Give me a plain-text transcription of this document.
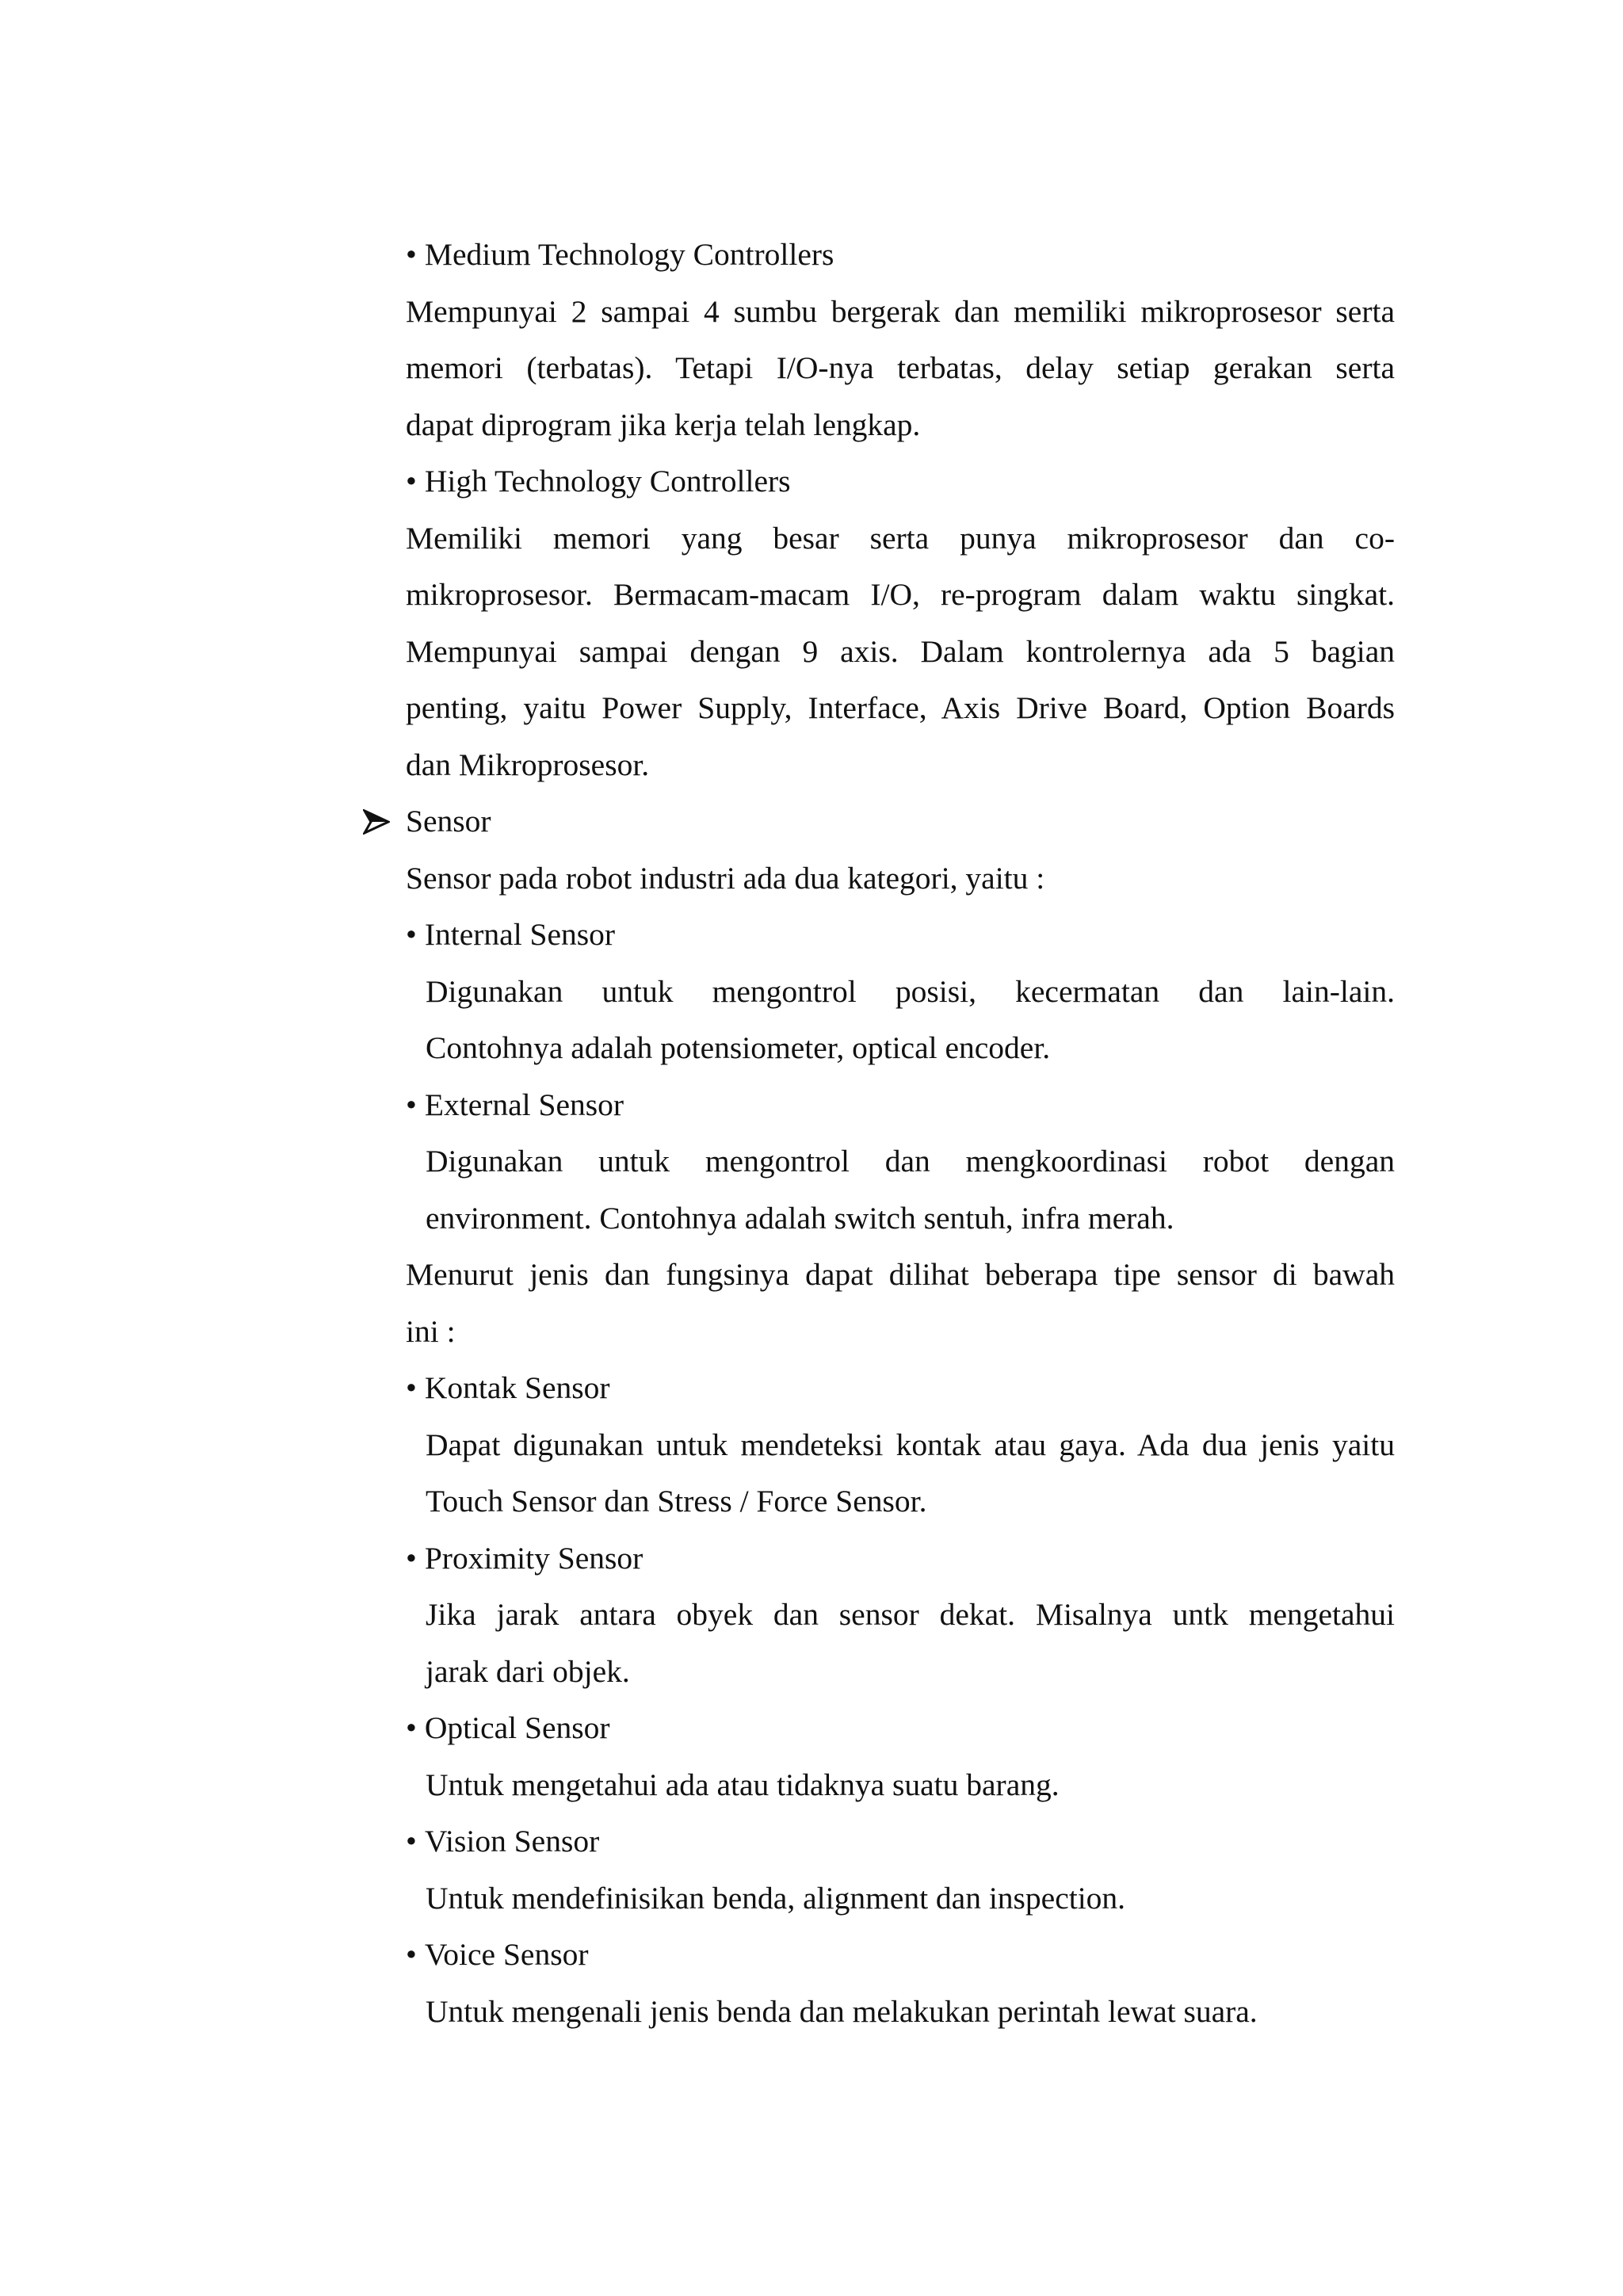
• Medium Technology Controllers
Mempunyai 2 sampai 4 sumbu bergerak dan memiliki mikroprosesor serta
memori (terbatas). Tetapi I/O-nya terbatas, delay setiap gerakan serta
dapat diprogram jika kerja telah lengkap.
• High Technology Controllers
Memiliki memori yang besar serta punya mikroprosesor dan co-
mikroprosesor. Bermacam-macam I/O, re-program dalam waktu singkat.
Mempunyai sampai dengan 9 axis. Dalam kontrolernya ada 5 bagian
penting, yaitu Power Supply, Interface, Axis Drive Board, Option Boards
dan Mikroprosesor.
Sensor
Sensor pada robot industri ada dua kategori, yaitu :
• Internal Sensor
Digunakan untuk mengontrol posisi, kecermatan dan lain-lain.
Contohnya adalah potensiometer, optical encoder.
• External Sensor
Digunakan untuk mengontrol dan mengkoordinasi robot dengan
environment. Contohnya adalah switch sentuh, infra merah.
Menurut jenis dan fungsinya dapat dilihat beberapa tipe sensor di bawah
ini :
• Kontak Sensor
Dapat digunakan untuk mendeteksi kontak atau gaya. Ada dua jenis yaitu
Touch Sensor dan Stress / Force Sensor.
• Proximity Sensor
Jika jarak antara obyek dan sensor dekat. Misalnya untk mengetahui
jarak dari objek.
• Optical Sensor
Untuk mengetahui ada atau tidaknya suatu barang.
• Vision Sensor
Untuk mendefinisikan benda, alignment dan inspection.
• Voice Sensor
Untuk mengenali jenis benda dan melakukan perintah lewat suara.
